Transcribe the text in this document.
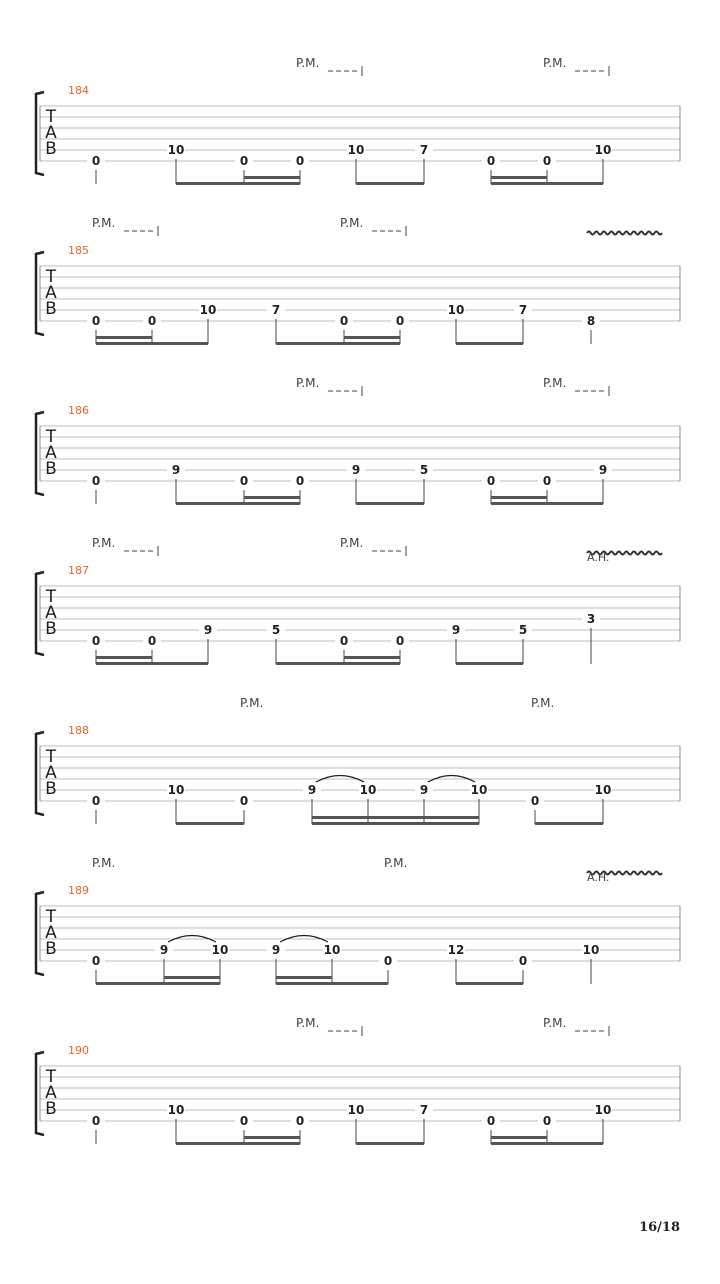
T
A
B
184
P.M.	P.M.
0
10
0	0
10	7
0	0
10
T
A
B
185
P.M.	P.M.
0	0
10	7
0	0
10	7
8
T
A
B
186
P.M.	P.M.
0
9
0	0
9	5
0	0
9
T
A
B
187
P.M.	P.M.
A.H.
0	0
9	5
0	0
9	5
3
T
A
B
188
P.M.	P.M.
0
10
0
9	10	9	10
0
10
T
A
B
189
P.M.	P.M.
A.H.
0
9	10	9	10
0
12
0
10
T
A
B
190
P.M.	P.M.
0
10
0	0
10	7
0	0
10
16/18
